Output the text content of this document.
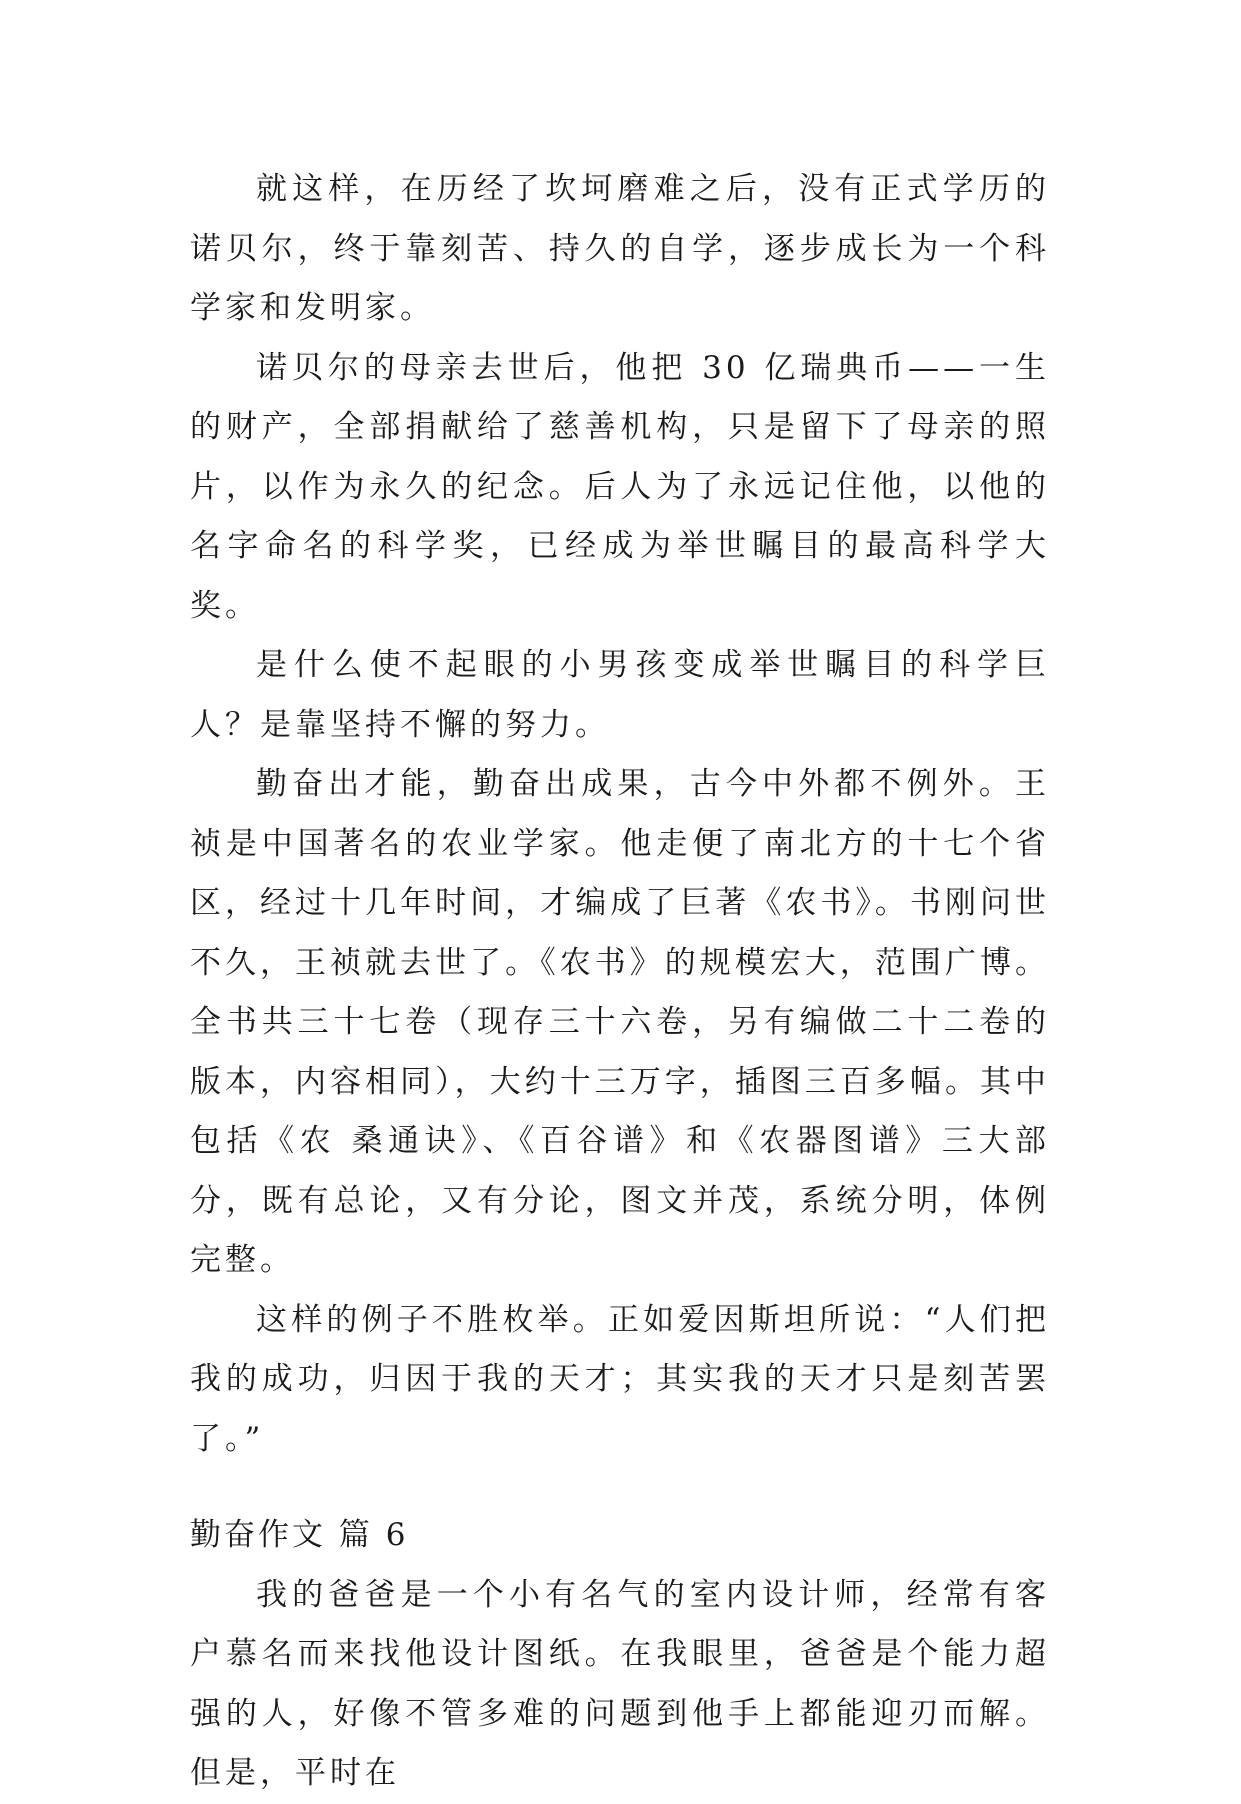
就这样，在历经了坎坷磨难之后，没有正式学历的诺贝尔，终于靠刻苦、持久的自学，逐步成长为一个科学家和发明家。

诺贝尔的母亲去世后，他把 30 亿瑞典币——一生的财产，全部捐献给了慈善机构，只是留下了母亲的照片，以作为永久的纪念。后人为了永远记住他，以他的名字命名的科学奖，已经成为举世瞩目的最高科学大奖。

是什么使不起眼的小男孩变成举世瞩目的科学巨人？是靠坚持不懈的努力。

勤奋出才能，勤奋出成果，古今中外都不例外。王祯是中国著名的农业学家。他走便了南北方的十七个省区，经过十几年时间，才编成了巨著《农书》。书刚问世不久，王祯就去世了。《农书》的规模宏大，范围广博。全书共三十七卷（现存三十六卷，另有编做二十二卷的版本，内容相同），大约十三万字，插图三百多幅。其中包括《农 桑通诀》、《百谷谱》和《农器图谱》三大部分，既有总论，又有分论，图文并茂，系统分明，体例完整。

这样的例子不胜枚举。正如爱因斯坦所说：“人们把我的成功，归因于我的天才；其实我的天才只是刻苦罢了。”

勤奋作文 篇 6

我的爸爸是一个小有名气的室内设计师，经常有客户慕名而来找他设计图纸。在我眼里，爸爸是个能力超强的人，好像不管多难的问题到他手上都能迎刃而解。但是，平时在
